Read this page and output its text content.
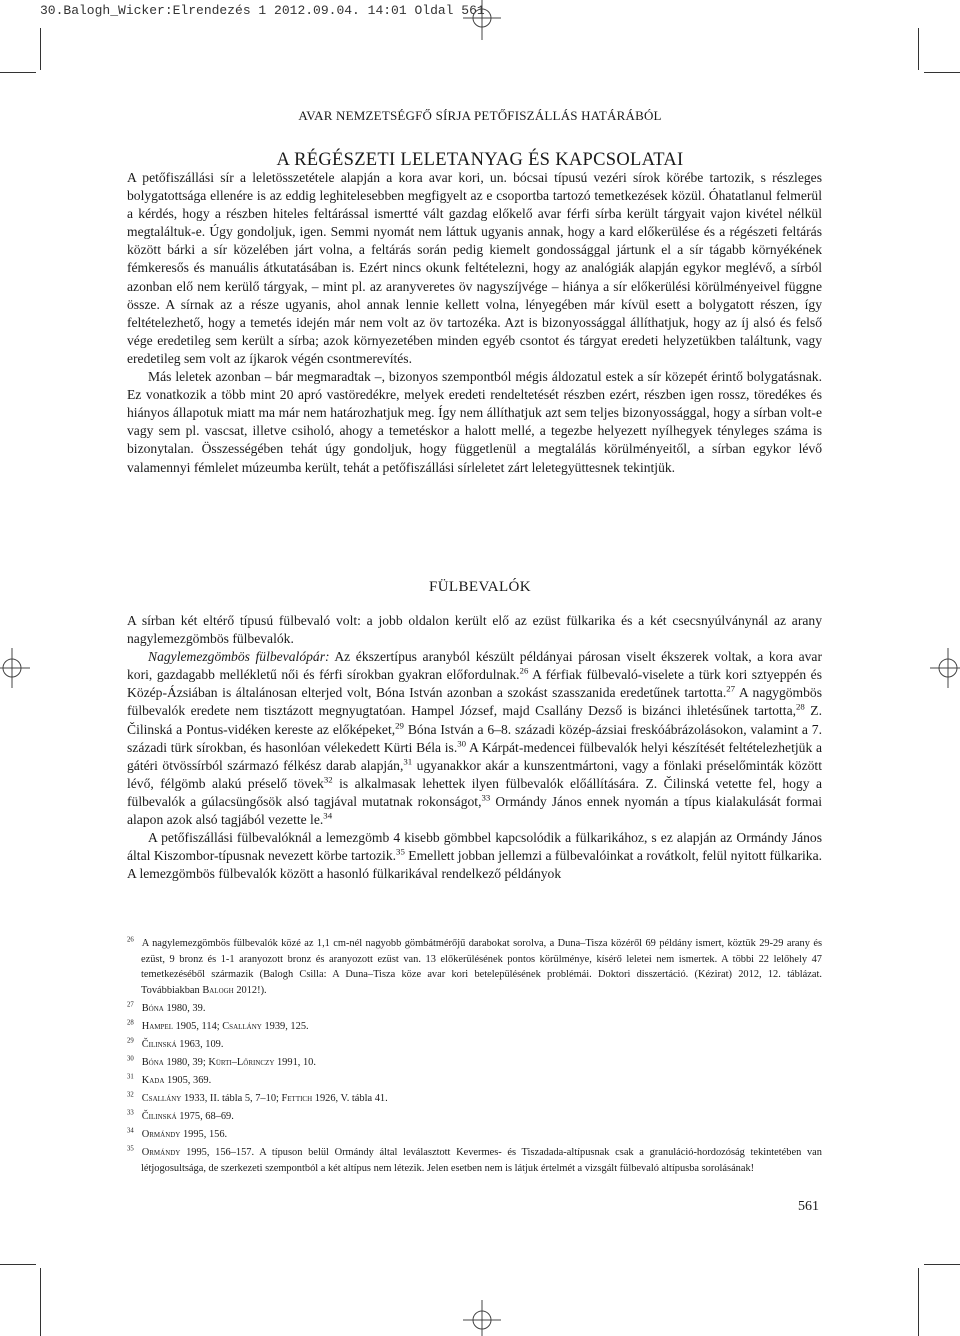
30.Balogh_Wicker:Elrendezés 1 2012.09.04. 14:01 Oldal 561
AVAR NEMZETSÉGFŐ SÍRJA PETŐFISZÁLLÁS HATÁRÁBÓL
A RÉGÉSZETI LELETANYAG ÉS KAPCSOLATAI

A petőfiszállási sír a leletösszetétele alapján a kora avar kori, un. bócsai típusú vezéri sírok körébe tartozik, s részleges bolygatottsága ellenére is az eddig leghitelesebben megfigyelt az e csoportba tartozó temetkezések közül. Óhatatlanul felmerül a kérdés, hogy a részben hiteles feltárással ismertté vált gazdag előkelő avar férfi sírba került tárgyait vajon kivétel nélkül megtaláltuk-e. Úgy gondoljuk, igen. Semmi nyomát nem láttuk ugyanis annak, hogy a kard előkerülése és a régészeti feltárás között bárki a sír közelében járt volna, a feltárás során pedig kiemelt gondossággal jártunk el a sír tágabb környékének fémkeresős és manuális átkutatásában is. Ezért nincs okunk feltételezni, hogy az analógiák alapján egykor meglévő, a sírból azonban elő nem kerülő tárgyak, – mint pl. az aranyveretes öv nagyszíjvége – hiánya a sír előkerülési körülményeivel függne össze. A sírnak az a része ugyanis, ahol annak lennie kellett volna, lényegében már kívül esett a bolygatott részen, így feltételezhető, hogy a temetés idején már nem volt az öv tartozéka. Azt is bizonyossággal állíthatjuk, hogy az íj alsó és felső vége eredetileg sem került a sírba; azok környezetében minden egyéb csontot és tárgyat eredeti helyzetükben találtunk, vagy eredetileg sem volt az íjkarok végén csontmerevítés.

Más leletek azonban – bár megmaradtak –, bizonyos szempontból mégis áldozatul estek a sír közepét érintő bolygatásnak. Ez vonatkozik a több mint 20 apró vastöredékre, melyek eredeti rendeltetését részben ezért, részben igen rossz, töredékes és hiányos állapotuk miatt ma már nem határozhatjuk meg. Így nem állíthatjuk azt sem teljes bizonyossággal, hogy a sírban volt-e vagy sem pl. vascsat, illetve csiholó, ahogy a temetéskor a halott mellé, a tegezbe helyezett nyílhegyek tényleges száma is bizonytalan. Összességében tehát úgy gondoljuk, hogy függetlenül a megtalálás körülményeitől, a sírban egykor lévő valamennyi fémlelet múzeumba került, tehát a petőfiszállási sírleletet zárt leletegyüttesnek tekintjük.

FÜLBEVALÓK

A sírban két eltérő típusú fülbevaló volt: a jobb oldalon került elő az ezüst fülkarika és a két csecsnyúlványnál az arany nagylemezgömbös fülbevalók.

Nagylemezgömbös fülbevalópár: Az ékszertípus aranyból készült példányai párosan viselt ékszerek voltak, a kora avar kori, gazdagabb mellékletű női és férfi sírokban gyakran előfordulnak.$^{26}$ A férfiak fülbevaló-viselete a türk kori sztyeppén és Közép-Ázsiában is általánosan elterjed volt, Bóna István azonban a szokást szasszanida eredetűnek tartotta.$^{27}$ A nagygömbös fülbevalók eredete nem tisztázott megnyugtatóan. Hampel József, majd Csallány Dezső is bizánci ihletésűnek tartotta,$^{28}$ Z. Čilinská a Pontus-vidéken kereste az előképeket,$^{29}$ Bóna István a 6–8. századi közép-ázsiai freskóábrázolásokon, valamint a 7. századi türk sírokban, és hasonlóan vélekedett Kürti Béla is.$^{30}$ A Kárpát-medencei fülbevalók helyi készítését feltételezhetjük a gátéri ötvössírból származó félkész darab alapján,$^{31}$ ugyanakkor akár a kunszentmártoni, vagy a fönlaki préselőminták között lévő, félgömb alakú préselő tövek$^{32}$ is alkalmasak lehettek ilyen fülbevalók előállítására. Z. Čilinská vetette fel, hogy a fülbevalók a gúlacsüngősök alsó tagjával mutatnak rokonságot,$^{33}$ Ormándy János ennek nyomán a típus kialakulását formai alapon azok alsó tagjából vezette le.$^{34}$

A petőfiszállási fülbevalóknál a lemezgömb 4 kisebb gömbbel kapcsolódik a fülkarikához, s ez alapján az Ormándy János által Kiszombor-típusnak nevezett körbe tartozik.$^{35}$ Emellett jobban jellemzi a fülbevalóinkat a rovátkolt, felül nyitott fülkarika. A lemezgömbös fülbevalók között a hasonló fülkarikával rendelkező példányok

$^{26}$ A nagylemezgömbös fülbevalók közé az 1,1 cm-nél nagyobb gömbátmérőjű darabokat sorolva, a Duna–Tisza közéről 69 példány ismert, köztük 29-29 arany és ezüst, 9 bronz és 1-1 aranyozott bronz és aranyozott ezüst van. 13 előkerülésének pontos körülménye, kísérő leletei nem ismertek. A többi 22 lelőhely 47 temetkezéséből származik (Balogh Csilla: A Duna–Tisza köze avar kori betelepülésének problémái. Doktori disszertáció. (Kézirat) 2012, 12. táblázat. Továbbiakban Balogh 2012!).

$^{27}$ Bóna 1980, 39.

$^{28}$ Hampel 1905, 114; Csallány 1939, 125.

$^{29}$ Čilinská 1963, 109.

$^{30}$ Bóna 1980, 39; Kürti–Lőrinczy 1991, 10.

$^{31}$ Kada 1905, 369.

$^{32}$ Csallány 1933, II. tábla 5, 7–10; Fettich 1926, V. tábla 41.

$^{33}$ Čilinská 1975, 68–69.

$^{34}$ Ormándy 1995, 156.

$^{35}$ Ormándy 1995, 156–157. A típuson belül Ormándy által leválasztott Kevermes- és Tiszadada-altípusnak csak a granuláció-hordozóság tekintetében van létjogosultsága, de szerkezeti szempontból a két altípus nem létezik. Jelen esetben nem is látjuk értelmét a vizsgált fülbevaló altípusba sorolásának!

561
